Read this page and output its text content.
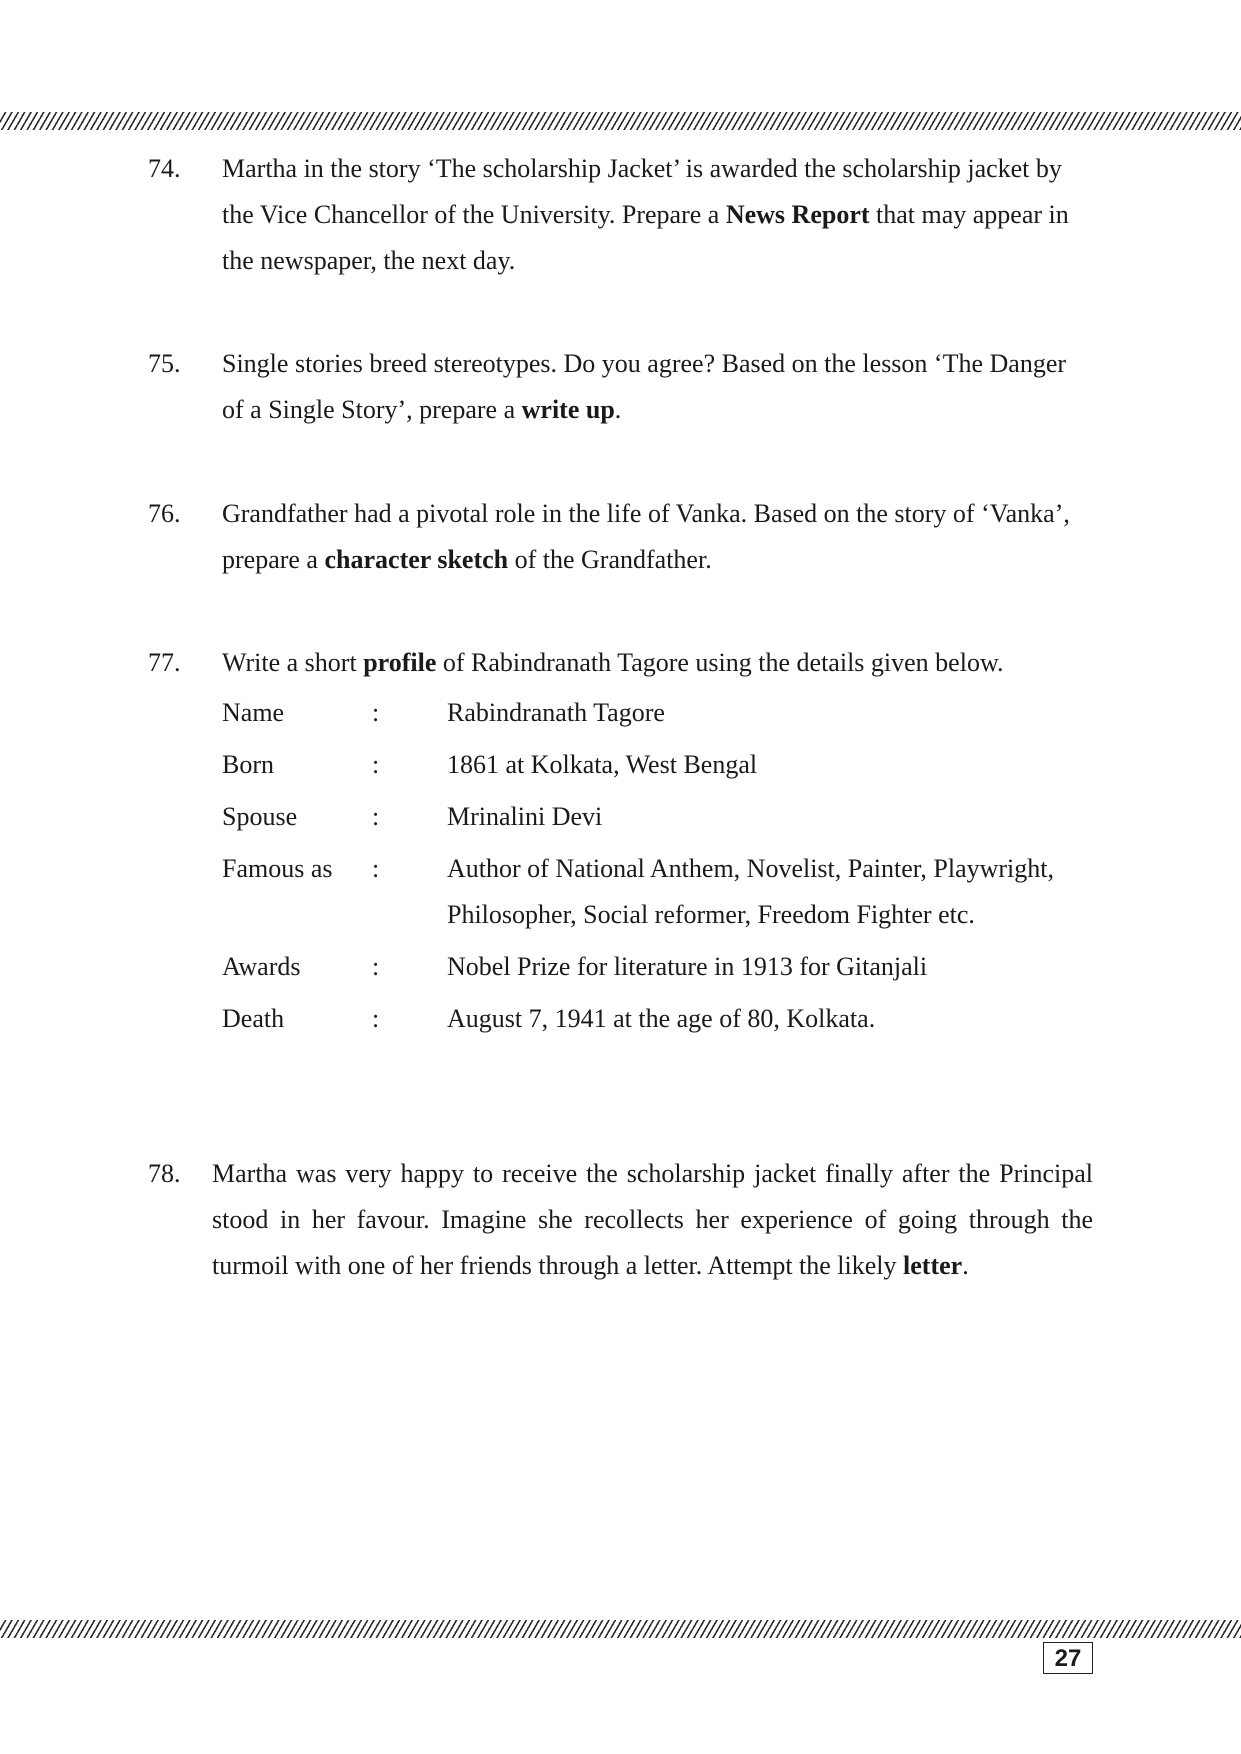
74. Martha in the story ‘The scholarship Jacket’ is awarded the scholarship jacket by the Vice Chancellor of the University. Prepare a News Report that may appear in the newspaper, the next day.
75. Single stories breed stereotypes. Do you agree? Based on the lesson ‘The Danger of a Single Story’, prepare a write up.
76. Grandfather had a pivotal role in the life of Vanka. Based on the story of ‘Vanka’, prepare a character sketch of the Grandfather.
77. Write a short profile of Rabindranath Tagore using the details given below.
Name	:	Rabindranath Tagore
Born	:	1861 at Kolkata, West Bengal
Spouse	:	Mrinalini Devi
Famous as	:	Author of National Anthem, Novelist, Painter, Playwright, Philosopher, Social reformer, Freedom Fighter etc.
Awards	:	Nobel Prize for literature in 1913 for Gitanjali
Death	:	August 7, 1941 at the age of 80, Kolkata.
78. Martha was very happy to receive the scholarship jacket finally after the Principal stood in her favour. Imagine she recollects her experience of going through the turmoil with one of her friends through a letter. Attempt the likely letter.
27
